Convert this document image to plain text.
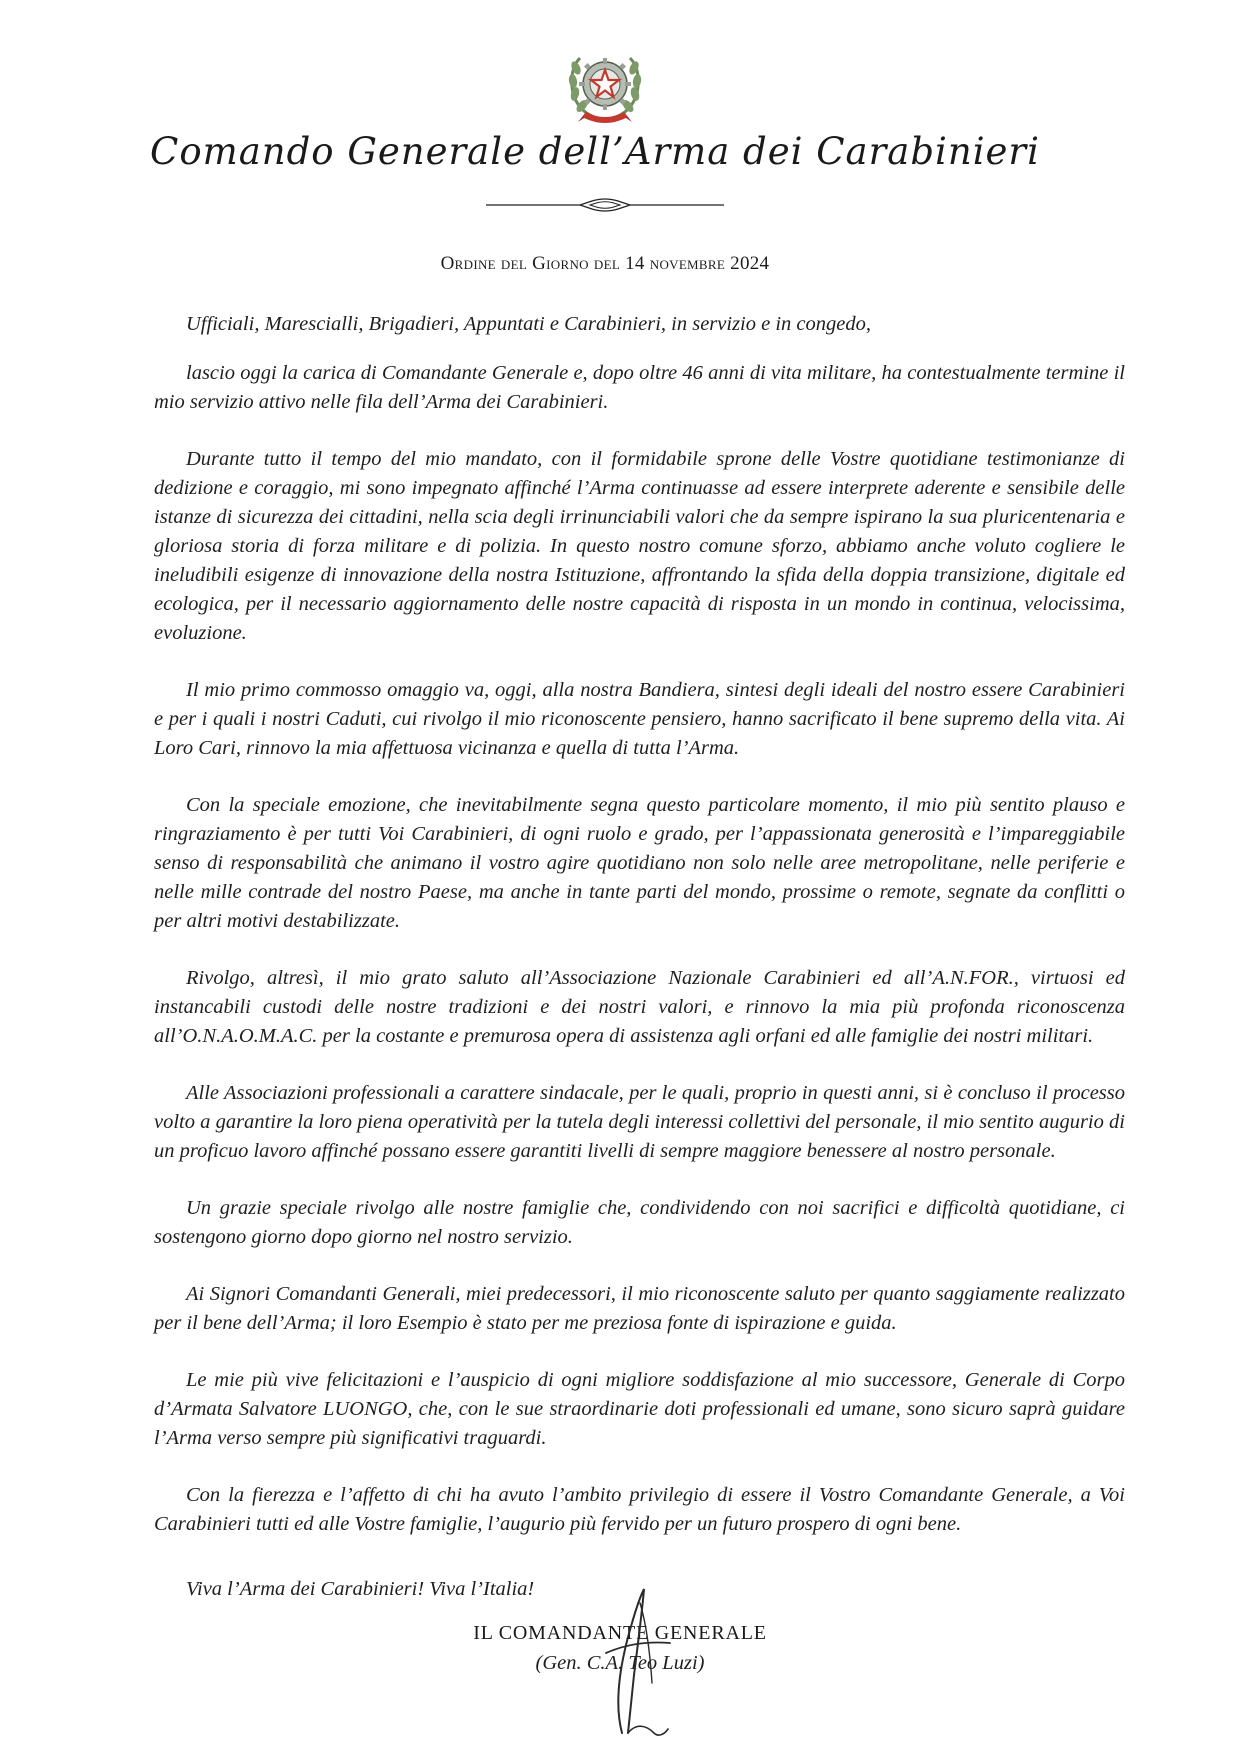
Comando Generale dell’Arma dei Carabinieri

Ordine del Giorno del 14 novembre 2024

Ufficiali, Marescialli, Brigadieri, Appuntati e Carabinieri, in servizio e in congedo,

lascio oggi la carica di Comandante Generale e, dopo oltre 46 anni di vita militare, ha contestualmente termine il mio servizio attivo nelle fila dell’Arma dei Carabinieri.

Durante tutto il tempo del mio mandato, con il formidabile sprone delle Vostre quotidiane testimonianze di dedizione e coraggio, mi sono impegnato affinché l’Arma continuasse ad essere interprete aderente e sensibile delle istanze di sicurezza dei cittadini, nella scia degli irrinunciabili valori che da sempre ispirano la sua pluricentenaria e gloriosa storia di forza militare e di polizia. In questo nostro comune sforzo, abbiamo anche voluto cogliere le ineludibili esigenze di innovazione della nostra Istituzione, affrontando la sfida della doppia transizione, digitale ed ecologica, per il necessario aggiornamento delle nostre capacità di risposta in un mondo in continua, velocissima, evoluzione.

Il mio primo commosso omaggio va, oggi, alla nostra Bandiera, sintesi degli ideali del nostro essere Carabinieri e per i quali i nostri Caduti, cui rivolgo il mio riconoscente pensiero, hanno sacrificato il bene supremo della vita. Ai Loro Cari, rinnovo la mia affettuosa vicinanza e quella di tutta l’Arma.

Con la speciale emozione, che inevitabilmente segna questo particolare momento, il mio più sentito plauso e ringraziamento è per tutti Voi Carabinieri, di ogni ruolo e grado, per l’appassionata generosità e l’impareggiabile senso di responsabilità che animano il vostro agire quotidiano non solo nelle aree metropolitane, nelle periferie e nelle mille contrade del nostro Paese, ma anche in tante parti del mondo, prossime o remote, segnate da conflitti o per altri motivi destabilizzate.

Rivolgo, altresì, il mio grato saluto all’Associazione Nazionale Carabinieri ed all’A.N.FOR., virtuosi ed instancabili custodi delle nostre tradizioni e dei nostri valori, e rinnovo la mia più profonda riconoscenza all’O.N.A.O.M.A.C. per la costante e premurosa opera di assistenza agli orfani ed alle famiglie dei nostri militari.

Alle Associazioni professionali a carattere sindacale, per le quali, proprio in questi anni, si è concluso il processo volto a garantire la loro piena operatività per la tutela degli interessi collettivi del personale, il mio sentito augurio di un proficuo lavoro affinché possano essere garantiti livelli di sempre maggiore benessere al nostro personale.

Un grazie speciale rivolgo alle nostre famiglie che, condividendo con noi sacrifici e difficoltà quotidiane, ci sostengono giorno dopo giorno nel nostro servizio.

Ai Signori Comandanti Generali, miei predecessori, il mio riconoscente saluto per quanto saggiamente realizzato per il bene dell’Arma; il loro Esempio è stato per me preziosa fonte di ispirazione e guida.

Le mie più vive felicitazioni e l’auspicio di ogni migliore soddisfazione al mio successore, Generale di Corpo d’Armata Salvatore LUONGO, che, con le sue straordinarie doti professionali ed umane, sono sicuro saprà guidare l’Arma verso sempre più significativi traguardi.

Con la fierezza e l’affetto di chi ha avuto l’ambito privilegio di essere il Vostro Comandante Generale, a Voi Carabinieri tutti ed alle Vostre famiglie, l’augurio più fervido per un futuro prospero di ogni bene.

Viva l’Arma dei Carabinieri! Viva l’Italia!

IL COMANDANTE GENERALE

(Gen. C.A. Teo Luzi)
